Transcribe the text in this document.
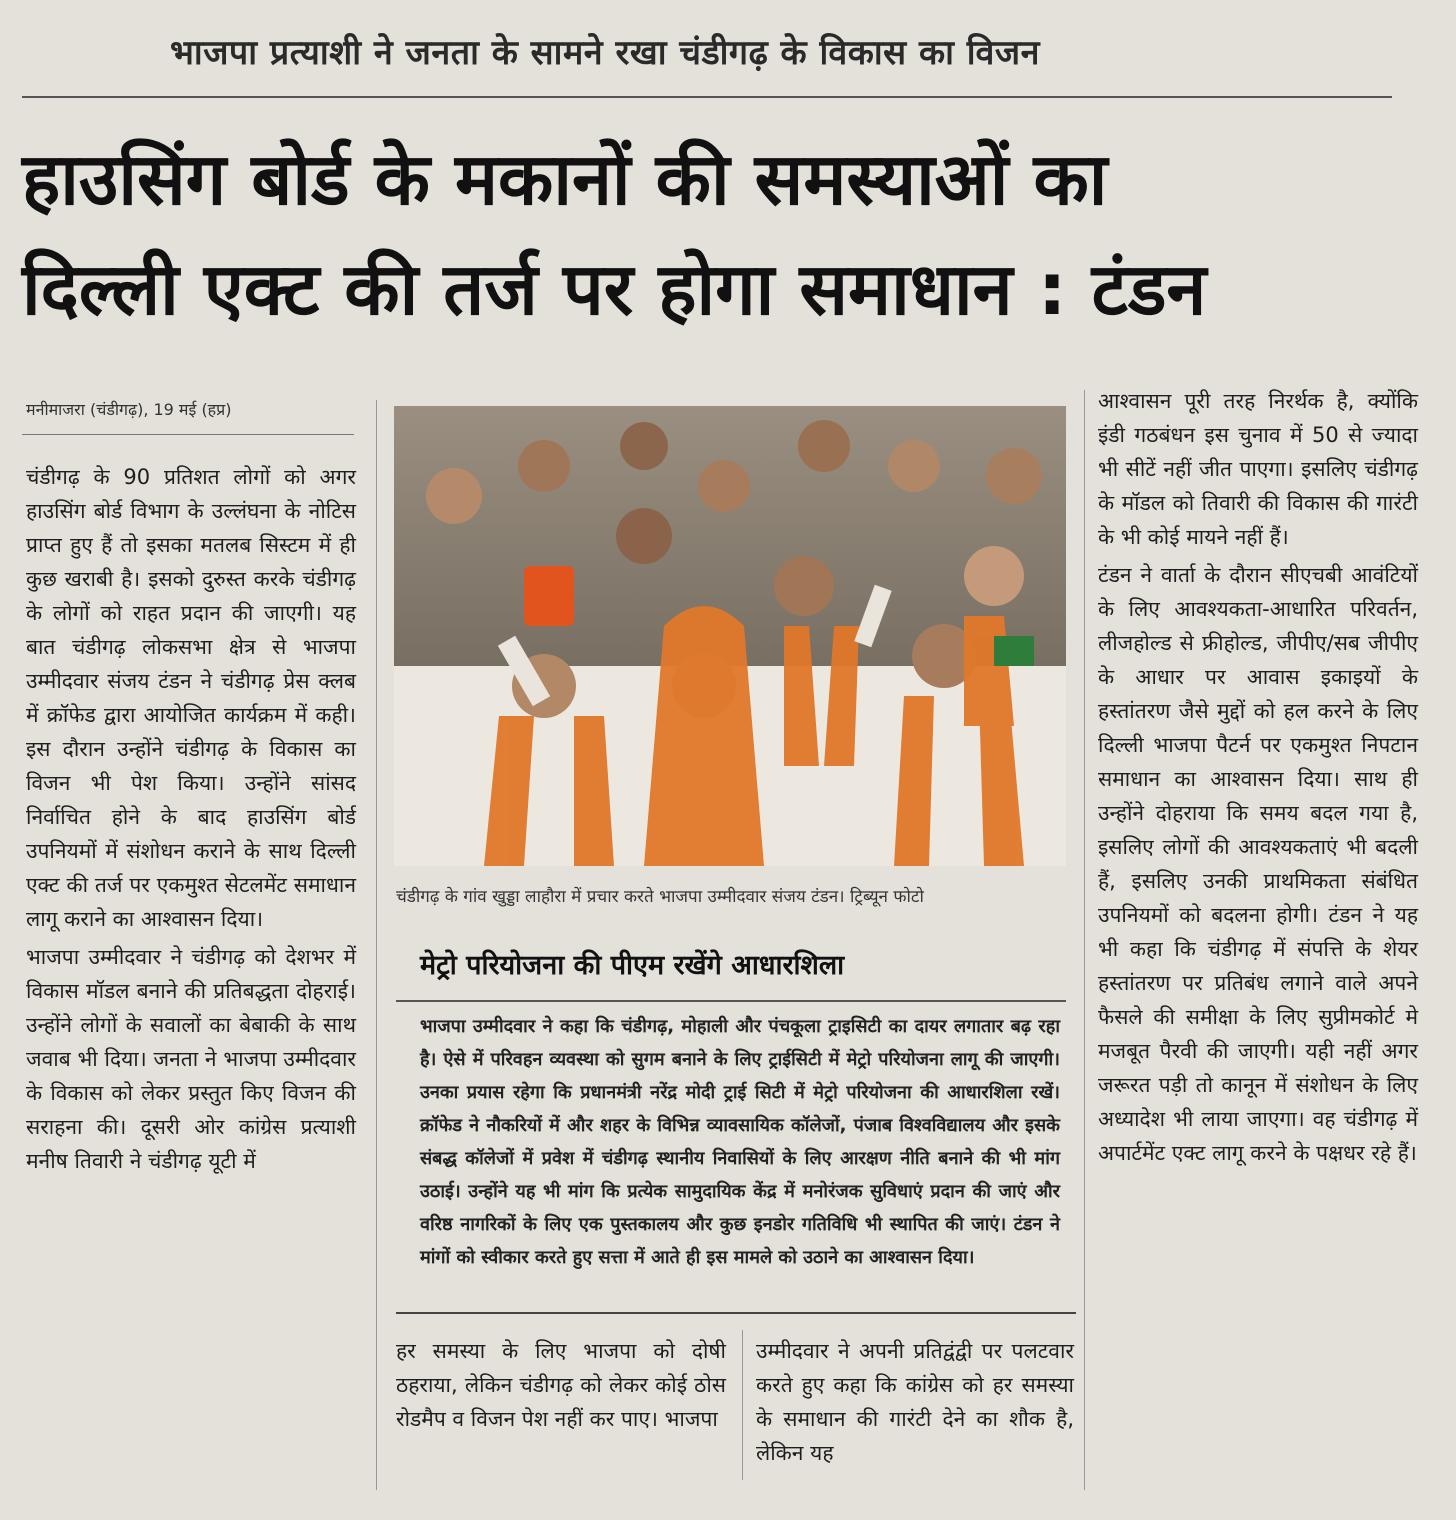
भाजपा प्रत्याशी ने जनता के सामने रखा चंडीगढ़ के विकास का विजन
हाउसिंग बोर्ड के मकानों की समस्याओं का
दिल्ली एक्ट की तर्ज पर होगा समाधान : टंडन
मनीमाजरा (चंडीगढ़), 19 मई (हप्र)

चंडीगढ़ के 90 प्रतिशत लोगों को अगर हाउसिंग बोर्ड विभाग के उल्लंघना के नोटिस प्राप्त हुए हैं तो इसका मतलब सिस्टम में ही कुछ खराबी है। इसको दुरुस्त करके चंडीगढ़ के लोगों को राहत प्रदान की जाएगी। यह बात चंडीगढ़ लोकसभा क्षेत्र से भाजपा उम्मीदवार संजय टंडन ने चंडीगढ़ प्रेस क्लब में क्रॉफेड द्वारा आयोजित कार्यक्रम में कही। इस दौरान उन्होंने चंडीगढ़ के विकास का विजन भी पेश किया। उन्होंने सांसद निर्वाचित होने के बाद हाउसिंग बोर्ड उपनियमों में संशोधन कराने के साथ दिल्ली एक्ट की तर्ज पर एकमुश्त सेटलमेंट समाधान लागू कराने का आश्वासन दिया।

भाजपा उम्मीदवार ने चंडीगढ़ को देशभर में विकास मॉडल बनाने की प्रतिबद्धता दोहराई। उन्होंने लोगों के सवालों का बेबाकी के साथ जवाब भी दिया। जनता ने भाजपा उम्मीदवार के विकास को लेकर प्रस्तुत किए विजन की सराहना की। दूसरी ओर कांग्रेस प्रत्याशी मनीष तिवारी ने चंडीगढ़ यूटी में

चंडीगढ़ के गांव खुड्डा लाहौरा में प्रचार करते भाजपा उम्मीदवार संजय टंडन। ट्रिब्यून फोटो
मेट्रो परियोजना की पीएम रखेंगे आधारशिला
भाजपा उम्मीदवार ने कहा कि चंडीगढ़, मोहाली और पंचकूला ट्राइसिटी का दायर लगातार बढ़ रहा है। ऐसे में परिवहन व्यवस्था को सुगम बनाने के लिए ट्राईसिटी में मेट्रो परियोजना लागू की जाएगी। उनका प्रयास रहेगा कि प्रधानमंत्री नरेंद्र मोदी ट्राई सिटी में मेट्रो परियोजना की आधारशिला रखें। क्रॉफेड ने नौकरियों में और शहर के विभिन्न व्यावसायिक कॉलेजों, पंजाब विश्वविद्यालय और इसके संबद्ध कॉलेजों में प्रवेश में चंडीगढ़ स्थानीय निवासियों के लिए आरक्षण नीति बनाने की भी मांग उठाई। उन्होंने यह भी मांग कि प्रत्येक सामुदायिक केंद्र में मनोरंजक सुविधाएं प्रदान की जाएं और वरिष्ठ नागरिकों के लिए एक पुस्तकालय और कुछ इनडोर गतिविधि भी स्थापित की जाएं। टंडन ने मांगों को स्वीकार करते हुए सत्ता में आते ही इस मामले को उठाने का आश्वासन दिया।
हर समस्या के लिए भाजपा को दोषी ठहराया, लेकिन चंडीगढ़ को लेकर कोई ठोस रोडमैप व विजन पेश नहीं कर पाए। भाजपा
उम्मीदवार ने अपनी प्रतिद्वंद्वी पर पलटवार करते हुए कहा कि कांग्रेस को हर समस्या के समाधान की गारंटी देने का शौक है, लेकिन यह

आश्वासन पूरी तरह निरर्थक है, क्योंकि इंडी गठबंधन इस चुनाव में 50 से ज्यादा भी सीटें नहीं जीत पाएगा। इसलिए चंडीगढ़ के मॉडल को तिवारी की विकास की गारंटी के भी कोई मायने नहीं हैं।

टंडन ने वार्ता के दौरान सीएचबी आवंटियों के लिए आवश्यकता-आधारित परिवर्तन, लीजहोल्ड से फ्रीहोल्ड, जीपीए/सब जीपीए के आधार पर आवास इकाइयों के हस्तांतरण जैसे मुद्दों को हल करने के लिए दिल्ली भाजपा पैटर्न पर एकमुश्त निपटान समाधान का आश्वासन दिया। साथ ही उन्होंने दोहराया कि समय बदल गया है, इसलिए लोगों की आवश्यकताएं भी बदली हैं, इसलिए उनकी प्राथमिकता संबंधित उपनियमों को बदलना होगी। टंडन ने यह भी कहा कि चंडीगढ़ में संपत्ति के शेयर हस्तांतरण पर प्रतिबंध लगाने वाले अपने फैसले की समीक्षा के लिए सुप्रीमकोर्ट मे मजबूत पैरवी की जाएगी। यही नहीं अगर जरूरत पड़ी तो कानून में संशोधन के लिए अध्यादेश भी लाया जाएगा। वह चंडीगढ़ में अपार्टमेंट एक्ट लागू करने के पक्षधर रहे हैं।
